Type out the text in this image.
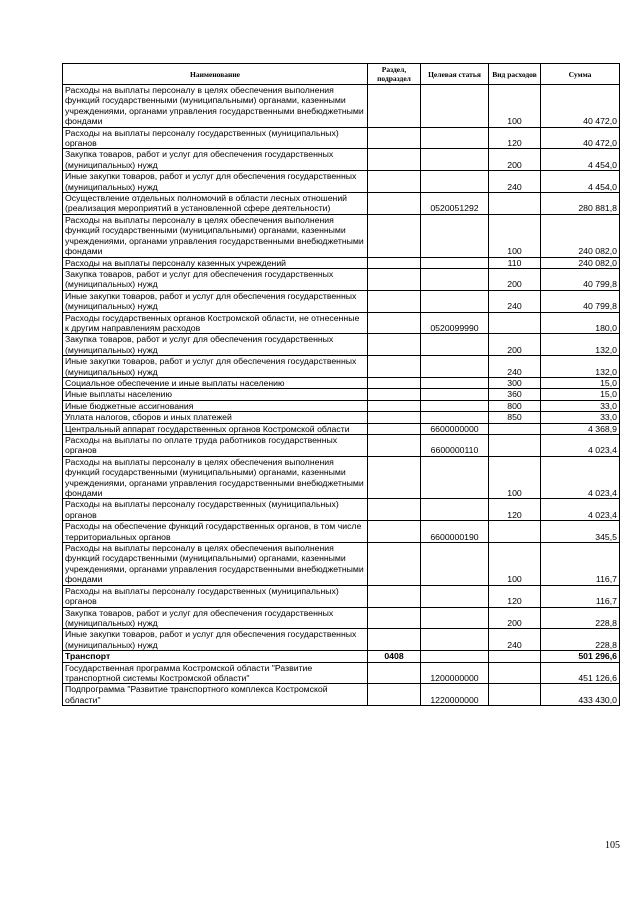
Наименование	Раздел, подраздел	Целевая статья	Вид расходов	Сумма
Расходы на выплаты персоналу в целях обеспечения выполнения функций государственными (муниципальными) органами, казенными учреждениями, органами управления государственными внебюджетными фондами			100	40 472,0
Расходы на выплаты персоналу государственных (муниципальных) органов			120	40 472,0
Закупка товаров, работ и услуг для обеспечения государственных (муниципальных) нужд			200	4 454,0
Иные закупки товаров, работ и услуг для обеспечения государственных (муниципальных) нужд			240	4 454,0
Осуществление отдельных полномочий в области лесных отношений (реализация мероприятий в установленной сфере деятельности)		0520051292		280 881,8
Расходы на выплаты персоналу в целях обеспечения выполнения функций государственными (муниципальными) органами, казенными учреждениями, органами управления государственными внебюджетными фондами			100	240 082,0
Расходы на выплаты персоналу казенных учреждений			110	240 082,0
Закупка товаров, работ и услуг для обеспечения государственных (муниципальных) нужд			200	40 799,8
Иные закупки товаров, работ и услуг для обеспечения государственных (муниципальных) нужд			240	40 799,8
Расходы государственных органов Костромской области, не отнесенные к другим направлениям расходов		0520099990		180,0
Закупка товаров, работ и услуг для обеспечения государственных (муниципальных) нужд			200	132,0
Иные закупки товаров, работ и услуг для обеспечения государственных (муниципальных) нужд			240	132,0
Социальное обеспечение и иные выплаты населению			300	15,0
Иные выплаты населению			360	15,0
Иные бюджетные ассигнования			800	33,0
Уплата налогов, сборов и иных платежей			850	33,0
Центральный аппарат государственных органов Костромской области		6600000000		4 368,9
Расходы на выплаты по оплате труда работников государственных органов		6600000110		4 023,4
Расходы на выплаты персоналу в целях обеспечения выполнения функций государственными (муниципальными) органами, казенными учреждениями, органами управления государственными внебюджетными фондами			100	4 023,4
Расходы на выплаты персоналу государственных (муниципальных) органов			120	4 023,4
Расходы на обеспечение функций государственных органов, в том числе территориальных органов		6600000190		345,5
Расходы на выплаты персоналу в целях обеспечения выполнения функций государственными (муниципальными) органами, казенными учреждениями, органами управления государственными внебюджетными фондами			100	116,7
Расходы на выплаты персоналу государственных (муниципальных) органов			120	116,7
Закупка товаров, работ и услуг для обеспечения государственных (муниципальных) нужд			200	228,8
Иные закупки товаров, работ и услуг для обеспечения государственных (муниципальных) нужд			240	228,8
Транспорт	0408			501 296,6
Государственная программа Костромской области "Развитие транспортной системы Костромской области"		1200000000		451 126,6
Подпрограмма "Развитие транспортного комплекса Костромской области"		1220000000		433 430,0
105
